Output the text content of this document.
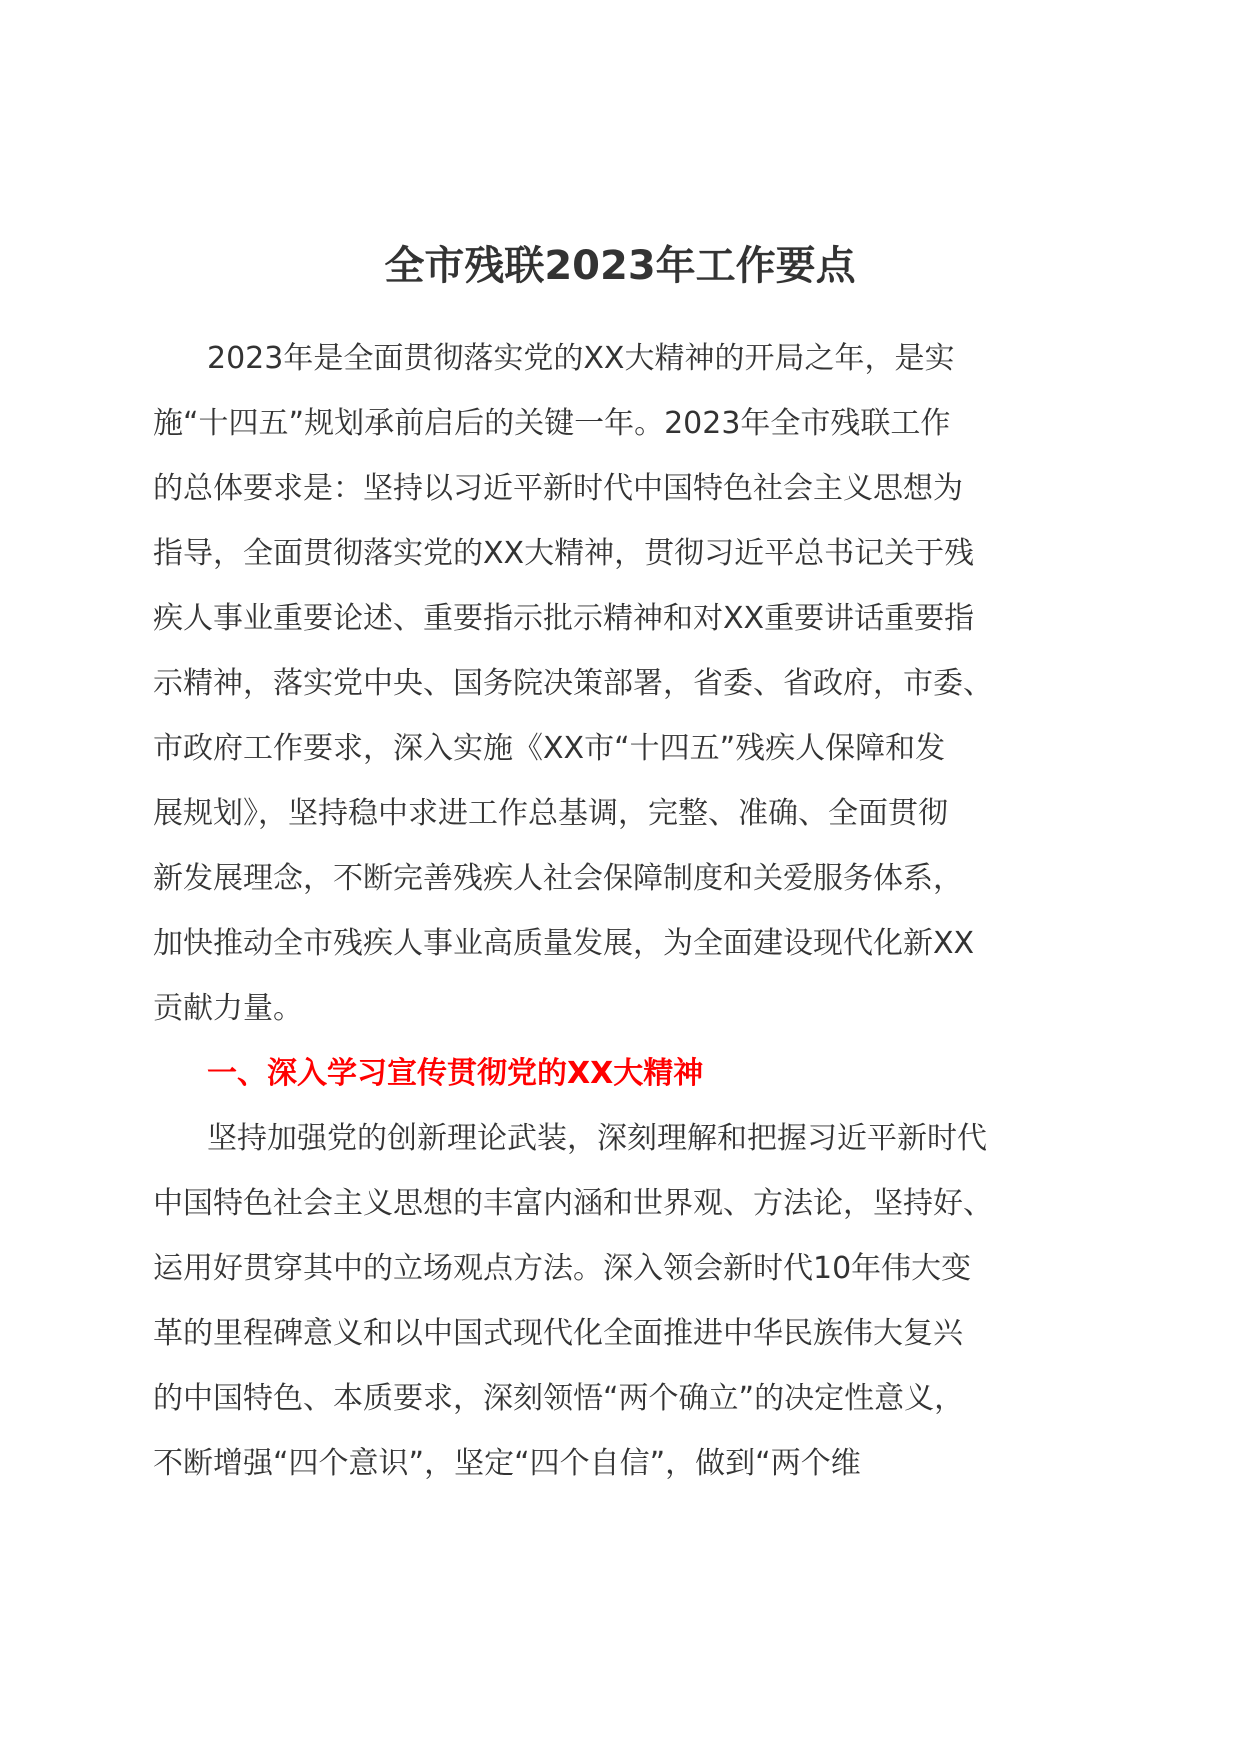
全市残联2023年工作要点
2023年是全面贯彻落实党的XX大精神的开局之年，是实
施“十四五”规划承前启后的关键一年。2023年全市残联工作
的总体要求是：坚持以习近平新时代中国特色社会主义思想为
指导，全面贯彻落实党的XX大精神，贯彻习近平总书记关于残
疾人事业重要论述、重要指示批示精神和对XX重要讲话重要指
示精神，落实党中央、国务院决策部署，省委、省政府，市委、
市政府工作要求，深入实施《XX市“十四五”残疾人保障和发
展规划》，坚持稳中求进工作总基调，完整、准确、全面贯彻
新发展理念，不断完善残疾人社会保障制度和关爱服务体系，
加快推动全市残疾人事业高质量发展，为全面建设现代化新XX
贡献力量。
一、深入学习宣传贯彻党的XX大精神
坚持加强党的创新理论武装，深刻理解和把握习近平新时代
中国特色社会主义思想的丰富内涵和世界观、方法论，坚持好、
运用好贯穿其中的立场观点方法。深入领会新时代10年伟大变
革的里程碑意义和以中国式现代化全面推进中华民族伟大复兴
的中国特色、本质要求，深刻领悟“两个确立”的决定性意义，
不断增强“四个意识”，坚定“四个自信”，做到“两个维
